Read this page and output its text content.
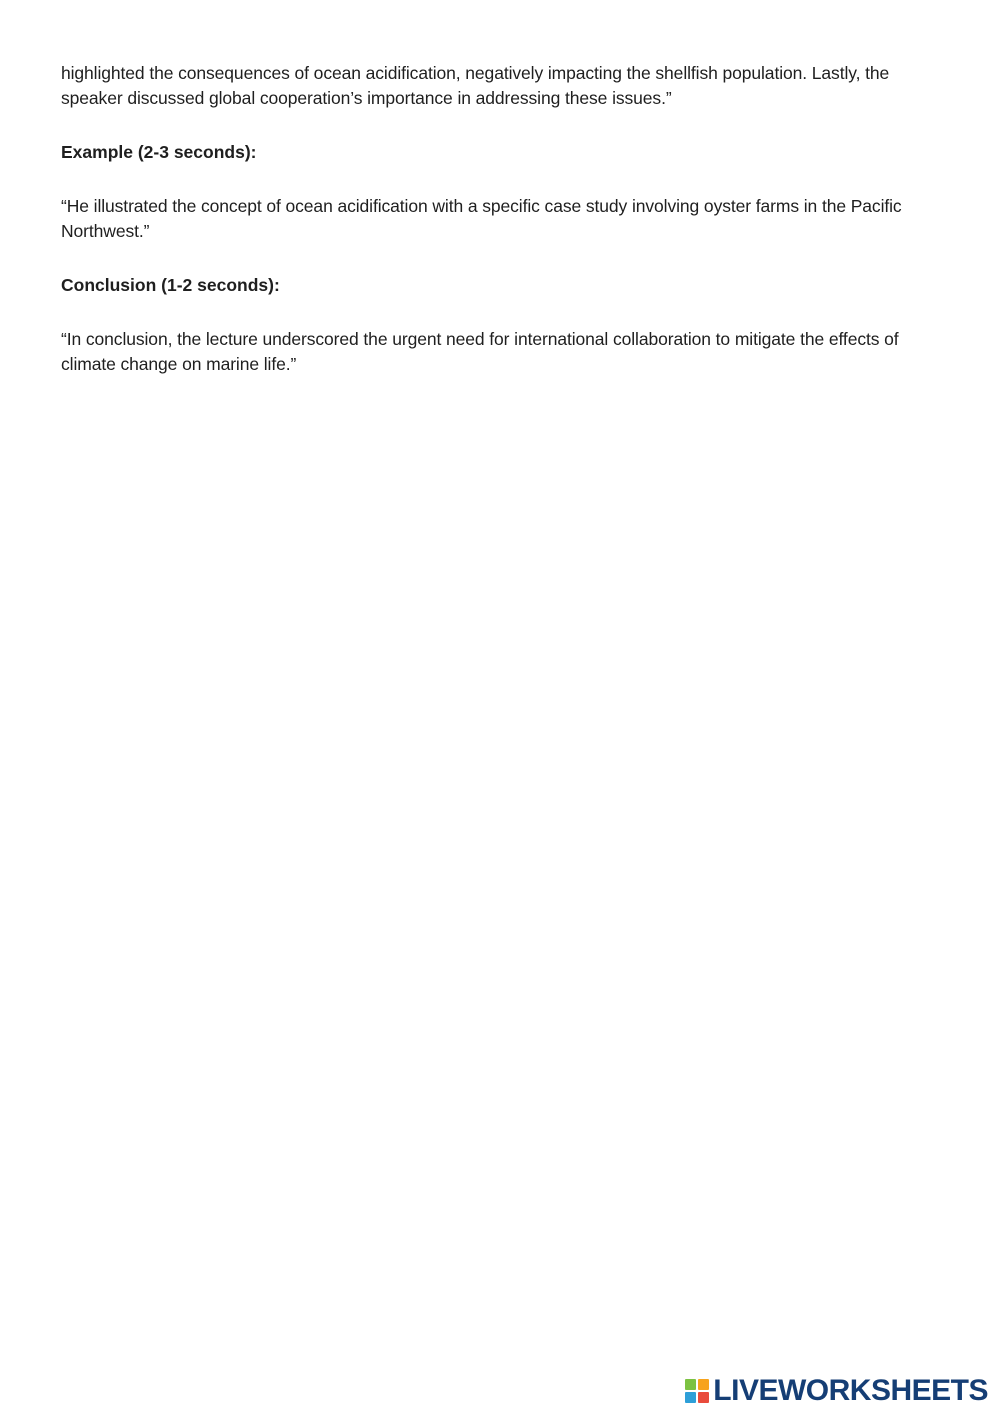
highlighted the consequences of ocean acidification, negatively impacting the shellfish population. Lastly, the speaker discussed global cooperation’s importance in addressing these issues.”

Example (2-3 seconds):

“He illustrated the concept of ocean acidification with a specific case study involving oyster farms in the Pacific Northwest.”

Conclusion (1-2 seconds):

“In conclusion, the lecture underscored the urgent need for international collaboration to mitigate the effects of climate change on marine life.”

LIVEWORKSHEETS
